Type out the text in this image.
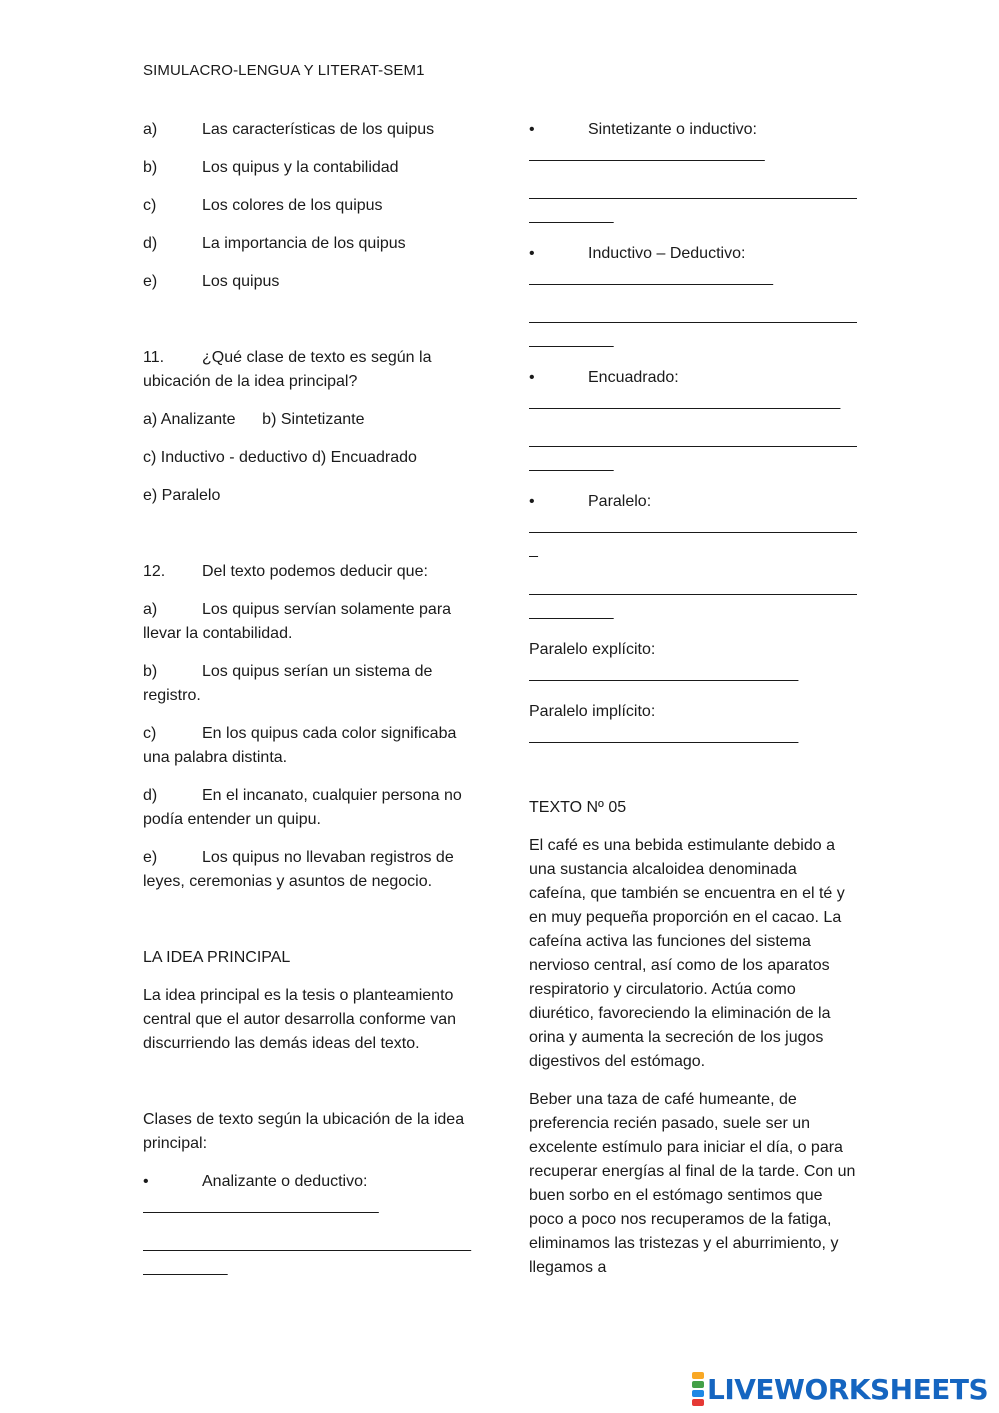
SIMULACRO-LENGUA Y LITERAT-SEM1
a)	Las características de los quipus
b)	Los quipus y la contabilidad
c)	Los colores de los quipus
d)	La importancia de los quipus
e)	Los quipus

11. ¿Qué clase de texto es según la ubicación de la idea principal?

a) Analizante      b) Sintetizante

c) Inductivo - deductivo d) Encuadrado

e) Paralelo

12. Del texto podemos deducir que:

a)	Los quipus servían solamente para llevar la contabilidad.

b)	Los quipus serían un sistema de registro.

c)	En los quipus cada color significaba una palabra distinta.

d)	En el incanato, cualquier persona no podía entender un quipu.

e)	Los quipus no llevaban registros de leyes, ceremonias y asuntos de negocio.

LA IDEA PRINCIPAL

La idea principal es la tesis o planteamiento central que el autor desarrolla conforme van discurriendo las demás ideas del texto.

Clases de texto según la ubicación de la idea principal:

•	Analizante o deductivo:
____________________________
_______________________________________
__________
•	Sintetizante o inductivo:
____________________________
_______________________________________
__________
•	Inductivo – Deductivo:
_____________________________
_______________________________________
__________
•	Encuadrado:
_____________________________________
_______________________________________
__________
•	Paralelo:
_______________________________________
_
_______________________________________
__________
Paralelo explícito:
________________________________
Paralelo implícito:
________________________________

TEXTO Nº 05

El café es una bebida estimulante debido a una sustancia alcaloidea denominada cafeína, que también se encuentra en el té y en muy pequeña proporción en el cacao. La cafeína activa las funciones del sistema nervioso central, así como de los aparatos respiratorio y circulatorio. Actúa como diurético, favoreciendo la eliminación de la orina y aumenta la secreción de los jugos digestivos del estómago.

Beber una taza de café humeante, de preferencia recién pasado, suele ser un excelente estímulo para iniciar el día, o para recuperar energías al final de la tarde. Con un buen sorbo en el estómago sentimos que poco a poco nos recuperamos de la fatiga, eliminamos las tristezas y el aburrimiento, y llegamos a

LIVEWORKSHEETS
